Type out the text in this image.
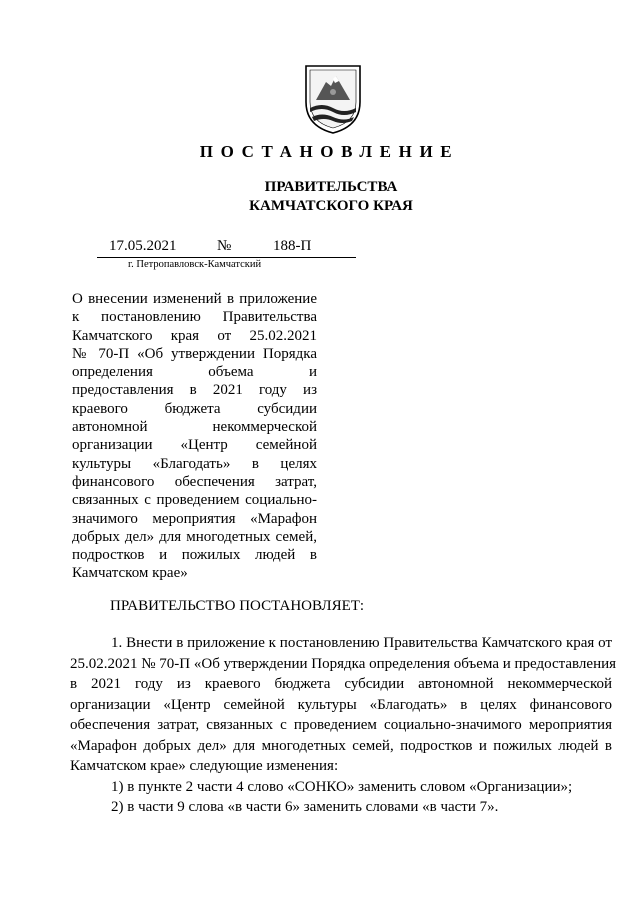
ПОСТАНОВЛЕНИЕ
ПРАВИТЕЛЬСТВА
КАМЧАТСКОГО КРАЯ
17.05.2021	№	188-П
г. Петропавловск-Камчатский
О внесении изменений в приложение
к постановлению Правительства
Камчатского края от 25.02.2021
№ 70-П «Об утверждении Порядка
определения объема и
предоставления в 2021 году из
краевого бюджета субсидии
автономной некоммерческой
организации «Центр семейной
культуры «Благодать» в целях
финансового обеспечения затрат,
связанных с проведением социально-
значимого мероприятия «Марафон
добрых дел» для многодетных семей,
подростков и пожилых людей в
Камчатском крае»
ПРАВИТЕЛЬСТВО ПОСТАНОВЛЯЕТ:
1. Внести в приложение к постановлению Правительства Камчатского края от
25.02.2021 № 70-П «Об утверждении Порядка определения объема и предоставления
в 2021 году из краевого бюджета субсидии автономной некоммерческой
организации «Центр семейной культуры «Благодать» в целях финансового
обеспечения затрат, связанных с проведением социально-значимого мероприятия
«Марафон добрых дел» для многодетных семей, подростков и пожилых людей в
Камчатском крае» следующие изменения:
1) в пункте 2 части 4 слово «СОНКО» заменить словом «Организации»;
2) в части 9 слова «в части 6» заменить словами «в части 7».
